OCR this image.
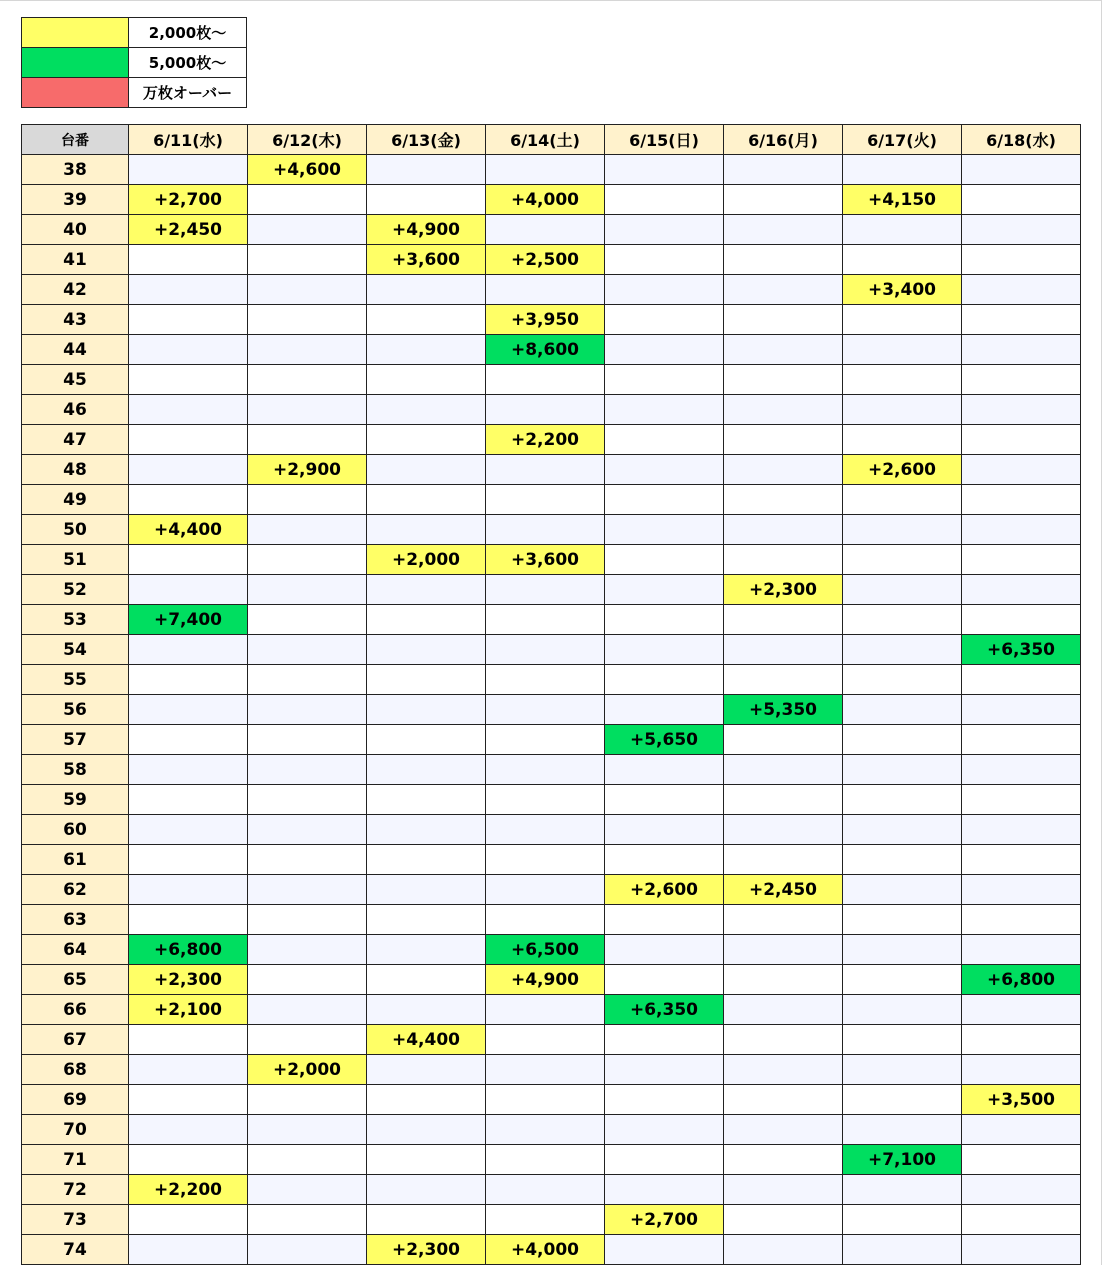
	2,000枚～
	5,000枚～
	万枚オーバー
台番	6/11(水)	6/12(木)	6/13(金)	6/14(土)	6/15(日)	6/16(月)	6/17(火)	6/18(水)
38		+4,600						
39	+2,700			+4,000			+4,150	
40	+2,450		+4,900					
41			+3,600	+2,500				
42							+3,400	
43				+3,950				
44				+8,600				
45								
46								
47				+2,200				
48		+2,900					+2,600	
49								
50	+4,400							
51			+2,000	+3,600				
52						+2,300		
53	+7,400							
54								+6,350
55								
56						+5,350		
57					+5,650			
58								
59								
60								
61								
62					+2,600	+2,450		
63								
64	+6,800			+6,500				
65	+2,300			+4,900				+6,800
66	+2,100				+6,350			
67			+4,400					
68		+2,000						
69								+3,500
70								
71							+7,100	
72	+2,200							
73					+2,700			
74			+2,300	+4,000				
